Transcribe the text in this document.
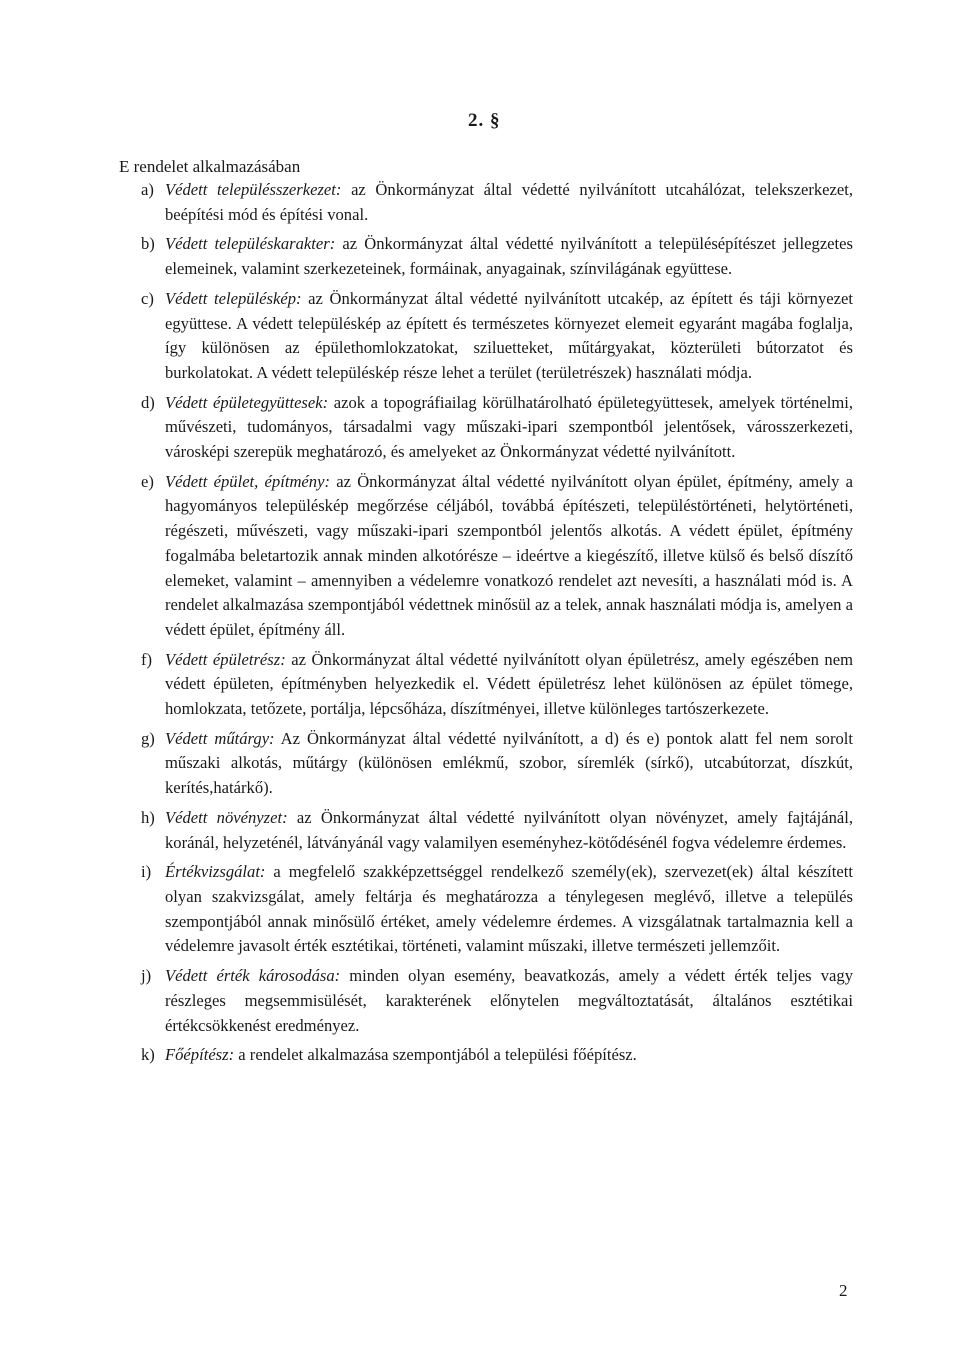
2. §
E rendelet alkalmazásában
a) Védett településszerkezet: az Önkormányzat által védetté nyilvánított utcahálózat, telekszerkezet, beépítési mód és építési vonal.
b) Védett településkarakter: az Önkormányzat által védetté nyilvánított a településépítészet jellegzetes elemeinek, valamint szerkezeteinek, formáinak, anyagainak, színvilágának együttese.
c) Védett településkép: az Önkormányzat által védetté nyilvánított utcakép, az épített és táji környezet együttese. A védett településkép az épített és természetes környezet elemeit egyaránt magába foglalja, így különösen az épülethomlokzatokat, sziluetteket, műtárgyakat, közterületi bútorzatot és burkolatokat. A védett településkép része lehet a terület (területrészek) használati módja.
d) Védett épületegyüttesek: azok a topográfiailag körülhatárolható épületegyüttesek, amelyek történelmi, művészeti, tudományos, társadalmi vagy műszaki-ipari szempontból jelentősek, városszerkezeti, városképi szerepük meghatározó, és amelyeket az Önkormányzat védetté nyilvánított.
e) Védett épület, építmény: az Önkormányzat által védetté nyilvánított olyan épület, építmény, amely a hagyományos településkép megőrzése céljából, továbbá építészeti, településtörténeti, helytörténeti, régészeti, művészeti, vagy műszaki-ipari szempontból jelentős alkotás. A védett épület, építmény fogalmába beletartozik annak minden alkotórésze – ideértve a kiegészítő, illetve külső és belső díszítő elemeket, valamint – amennyiben a védelemre vonatkozó rendelet azt nevesíti, a használati mód is. A rendelet alkalmazása szempontjából védettnek minősül az a telek, annak használati módja is, amelyen a védett épület, építmény áll.
f) Védett épületrész: az Önkormányzat által védetté nyilvánított olyan épületrész, amely egészében nem védett épületen, építményben helyezkedik el. Védett épületrész lehet különösen az épület tömege, homlokzata, tetőzete, portálja, lépcsőháza, díszítményei, illetve különleges tartószerkezete.
g) Védett műtárgy: Az Önkormányzat által védetté nyilvánított, a d) és e) pontok alatt fel nem sorolt műszaki alkotás, műtárgy (különösen emlékmű, szobor, síremlék (sírkő), utcabútorzat, díszkút, kerítés,határkő).
h) Védett növényzet: az Önkormányzat által védetté nyilvánított olyan növényzet, amely fajtájánál, koránál, helyzeténél, látványánál vagy valamilyen eseményhez-kötődésénél fogva védelemre érdemes.
i) Értékvizsgálat: a megfelelő szakképzettséggel rendelkező személy(ek), szervezet(ek) által készített olyan szakvizsgálat, amely feltárja és meghatározza a ténylegesen meglévő, illetve a település szempontjából annak minősülő értéket, amely védelemre érdemes. A vizsgálatnak tartalmaznia kell a védelemre javasolt érték esztétikai, történeti, valamint műszaki, illetve természeti jellemzőit.
j) Védett érték károsodása: minden olyan esemény, beavatkozás, amely a védett érték teljes vagy részleges megsemmisülését, karakterének előnytelen megváltoztatását, általános esztétikai értékcsökkenést eredményez.
k) Főépítész: a rendelet alkalmazása szempontjából a települési főépítész.
2
